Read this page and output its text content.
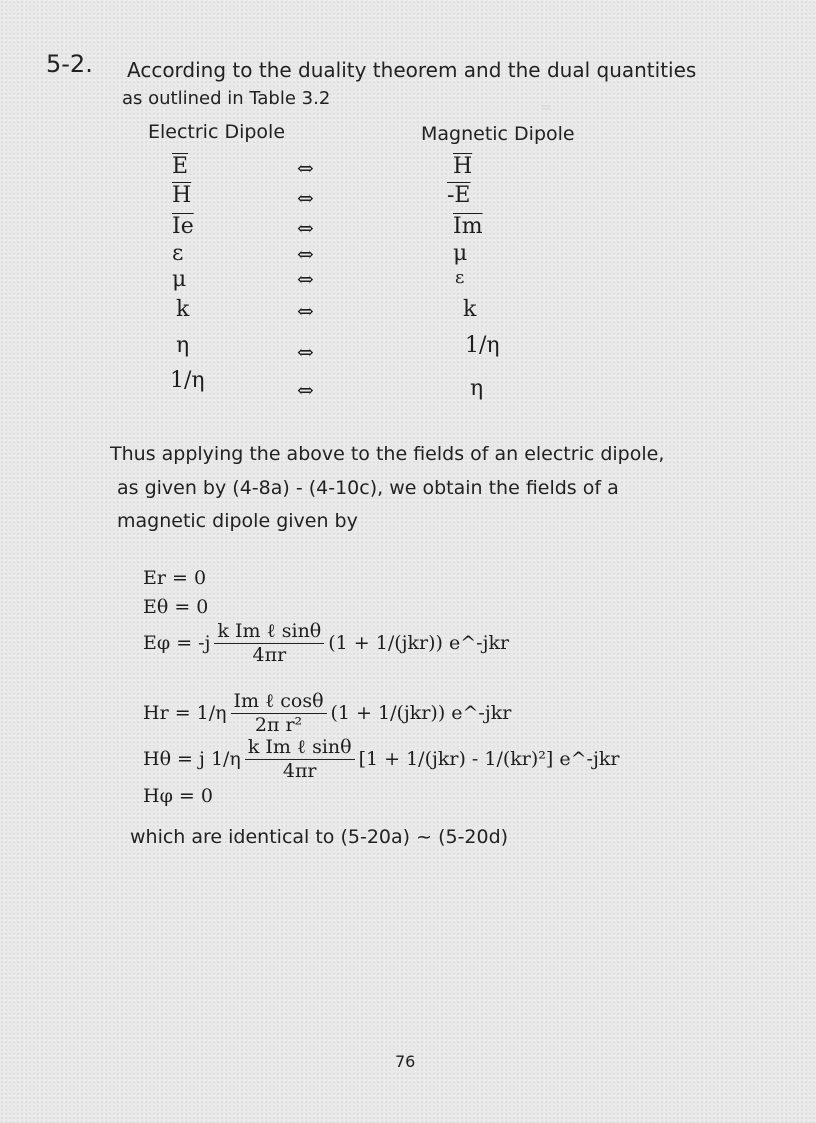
=
5-2. According to the duality theorem and the dual quantities
as outlined in Table 3.2
Electric Dipole	Magnetic Dipole
$\overline{E}$	⇔	$\overline{H}$
$\overline{H}$	⇔	-E
$\overline{Ie}$	⇔	$\overline{Im}$
ε	⇔	μ
μ	⇔	ε
k	⇔	k
η	⇔	1/η
1/η	⇔	η
Thus applying the above to the fields of an electric dipole,
as given by (4-8a) - (4-10c), we obtain the fields of a
magnetic dipole given by
Er = 0
Eθ = 0
$E\varphi = -j \frac{\text{k Im ℓ sinθ}}{4\pi r} (1 + 1/(jkr))$ e^-jkr
$Hr = 1/\eta \frac{\text{Im ℓ cosθ}}{\text{2π r²}} (1 + 1/(jkr))$ e^-jkr
Hθ = j $1/\eta \frac{\text{k Im ℓ sinθ}}{4\pi r} [1 + 1/(jkr) - 1/(kr)^2]$ e^-jkr
Hφ = 0
which are identical to (5-20a) ~ (5-20d)
76
